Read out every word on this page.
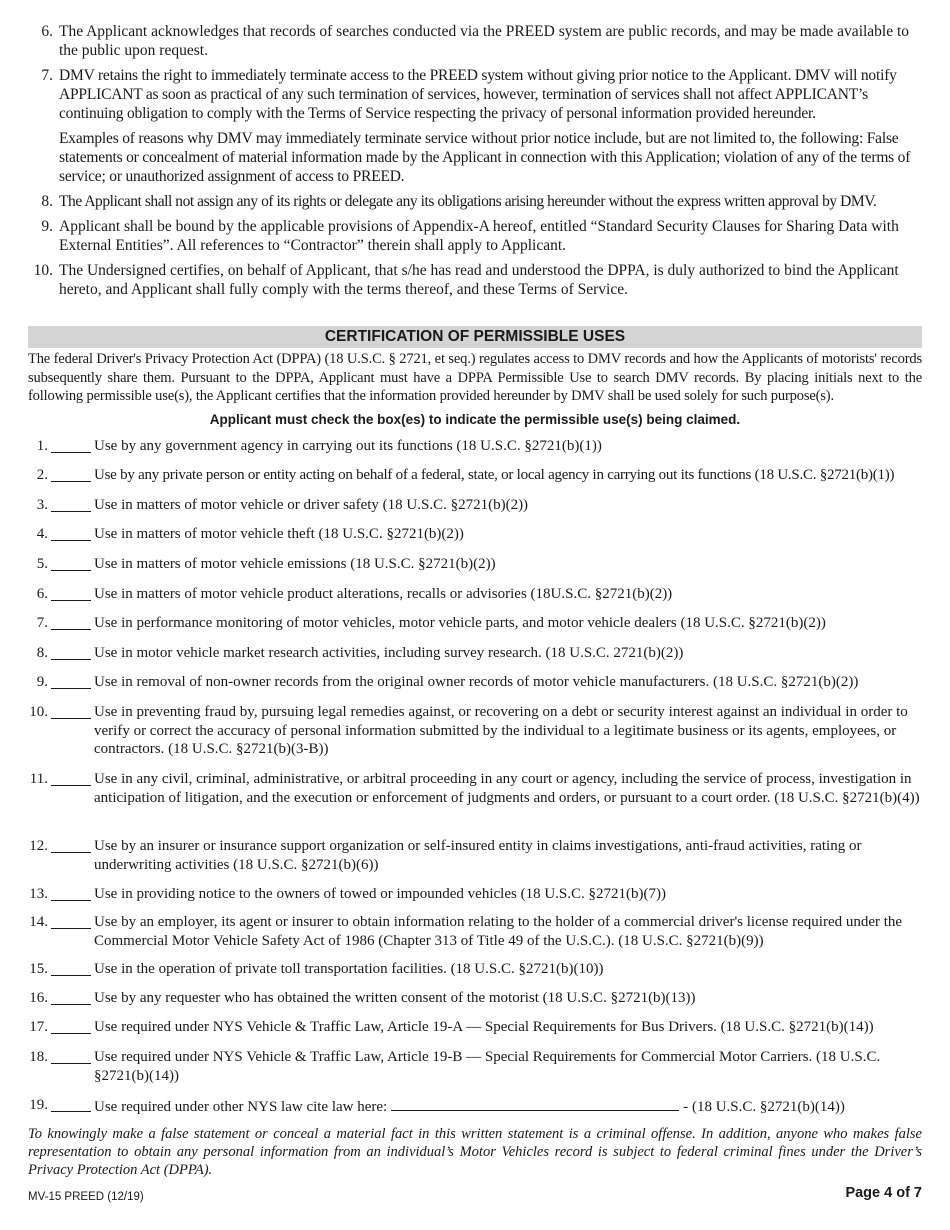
6. The Applicant acknowledges that records of searches conducted via the PREED system are public records, and may be made available to the public upon request.

7. DMV retains the right to immediately terminate access to the PREED system without giving prior notice to the Applicant. DMV will notify APPLICANT as soon as practical of any such termination of services, however, termination of services shall not affect APPLICANT’s continuing obligation to comply with the Terms of Service respecting the privacy of personal information provided hereunder.

Examples of reasons why DMV may immediately terminate service without prior notice include, but are not limited to, the following: False statements or concealment of material information made by the Applicant in connection with this Application; violation of any of the terms of service; or unauthorized assignment of access to PREED.

8. The Applicant shall not assign any of its rights or delegate any its obligations arising hereunder without the express written approval by DMV.

9. Applicant shall be bound by the applicable provisions of Appendix-A hereof, entitled “Standard Security Clauses for Sharing Data with External Entities”. All references to “Contractor” therein shall apply to Applicant.

10. The Undersigned certifies, on behalf of Applicant, that s/he has read and understood the DPPA, is duly authorized to bind the Applicant hereto, and Applicant shall fully comply with the terms thereof, and these Terms of Service.

CERTIFICATION OF PERMISSIBLE USES
The federal Driver's Privacy Protection Act (DPPA) (18 U.S.C. § 2721, et seq.) regulates access to DMV records and how the Applicants of motorists' records subsequently share them. Pursuant to the DPPA, Applicant must have a DPPA Permissible Use to search DMV records. By placing initials next to the following permissible use(s), the Applicant certifies that the information provided hereunder by DMV shall be used solely for such purpose(s).
Applicant must check the box(es) to indicate the permissible use(s) being claimed.
1.	Use by any government agency in carrying out its functions (18 U.S.C. §2721(b)(1))
2.	Use by any private person or entity acting on behalf of a federal, state, or local agency in carrying out its functions (18 U.S.C. §2721(b)(1))
3.	Use in matters of motor vehicle or driver safety (18 U.S.C. §2721(b)(2))
4.	Use in matters of motor vehicle theft (18 U.S.C. §2721(b)(2))
5.	Use in matters of motor vehicle emissions (18 U.S.C. §2721(b)(2))
6.	Use in matters of motor vehicle product alterations, recalls or advisories (18U.S.C. §2721(b)(2))
7.	Use in performance monitoring of motor vehicles, motor vehicle parts, and motor vehicle dealers (18 U.S.C. §2721(b)(2))
8.	Use in motor vehicle market research activities, including survey research. (18 U.S.C. 2721(b)(2))
9.	Use in removal of non-owner records from the original owner records of motor vehicle manufacturers. (18 U.S.C. §2721(b)(2))
10.	Use in preventing fraud by, pursuing legal remedies against, or recovering on a debt or security interest against an individual in order to verify or correct the accuracy of personal information submitted by the individual to a legitimate business or its agents, employees, or contractors. (18 U.S.C. §2721(b)(3-B))
11.	Use in any civil, criminal, administrative, or arbitral proceeding in any court or agency, including the service of process, investigation in anticipation of litigation, and the execution or enforcement of judgments and orders, or pursuant to a court order. (18 U.S.C. §2721(b)(4))
12.	Use by an insurer or insurance support organization or self-insured entity in claims investigations, anti-fraud activities, rating or underwriting activities (18 U.S.C. §2721(b)(6))
13.	Use in providing notice to the owners of towed or impounded vehicles (18 U.S.C. §2721(b)(7))
14.	Use by an employer, its agent or insurer to obtain information relating to the holder of a commercial driver's license required under the Commercial Motor Vehicle Safety Act of 1986 (Chapter 313 of Title 49 of the U.S.C.). (18 U.S.C. §2721(b)(9))
15.	Use in the operation of private toll transportation facilities. (18 U.S.C. §2721(b)(10))
16.	Use by any requester who has obtained the written consent of the motorist (18 U.S.C. §2721(b)(13))
17.	Use required under NYS Vehicle & Traffic Law, Article 19-A — Special Requirements for Bus Drivers. (18 U.S.C. §2721(b)(14))
18.	Use required under NYS Vehicle & Traffic Law, Article 19-B — Special Requirements for Commercial Motor Carriers. (18 U.S.C. §2721(b)(14))
19.	Use required under other NYS law cite law here:	- (18 U.S.C. §2721(b)(14))
To knowingly make a false statement or conceal a material fact in this written statement is a criminal offense. In addition, anyone who makes false representation to obtain any personal information from an individual’s Motor Vehicles record is subject to federal criminal fines under the Driver’s Privacy Protection Act (DPPA).
MV-15 PREED (12/19)	Page 4 of 7
